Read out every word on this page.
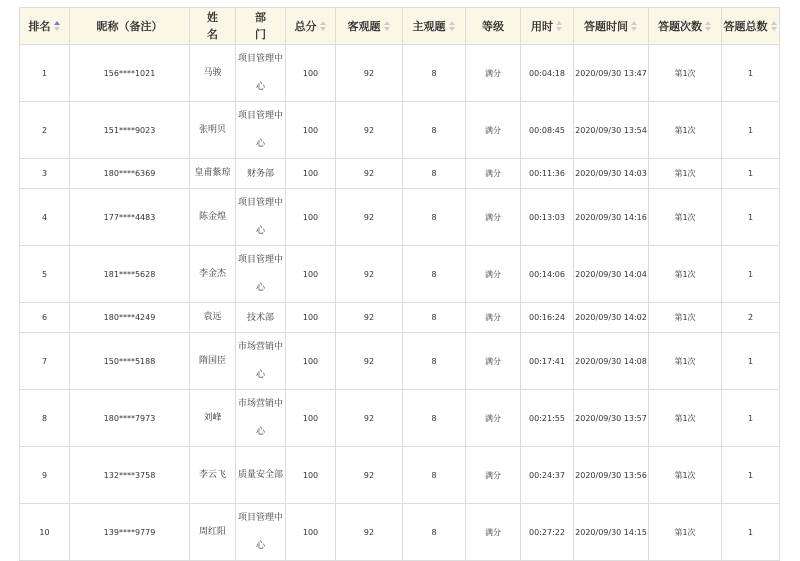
排名	昵称（备注）	姓名	部门	总分	客观题	主观题	等级	用时	答题时间	答题次数	答题总数

1	156****1021	马骏	项目管理中心	100	92	8	满分	00:04:18	2020/09/30 13:47	第1次	1
2	151****9023	张明贝	项目管理中心	100	92	8	满分	00:08:45	2020/09/30 13:54	第1次	1
3	180****6369	皇甫紫琼	财务部	100	92	8	满分	00:11:36	2020/09/30 14:03	第1次	1
4	177****4483	陈金煌	项目管理中心	100	92	8	满分	00:13:03	2020/09/30 14:16	第1次	1
5	181****5628	李金杰	项目管理中心	100	92	8	满分	00:14:06	2020/09/30 14:04	第1次	1
6	180****4249	袁远	技术部	100	92	8	满分	00:16:24	2020/09/30 14:02	第1次	2
7	150****5188	隋国臣	市场营销中心	100	92	8	满分	00:17:41	2020/09/30 14:08	第1次	1
8	180****7973	刘峰	市场营销中心	100	92	8	满分	00:21:55	2020/09/30 13:57	第1次	1
9	132****3758	李云飞	质量安全部	100	92	8	满分	00:24:37	2020/09/30 13:56	第1次	1
10	139****9779	周红阳	项目管理中心	100	92	8	满分	00:27:22	2020/09/30 14:15	第1次	1
